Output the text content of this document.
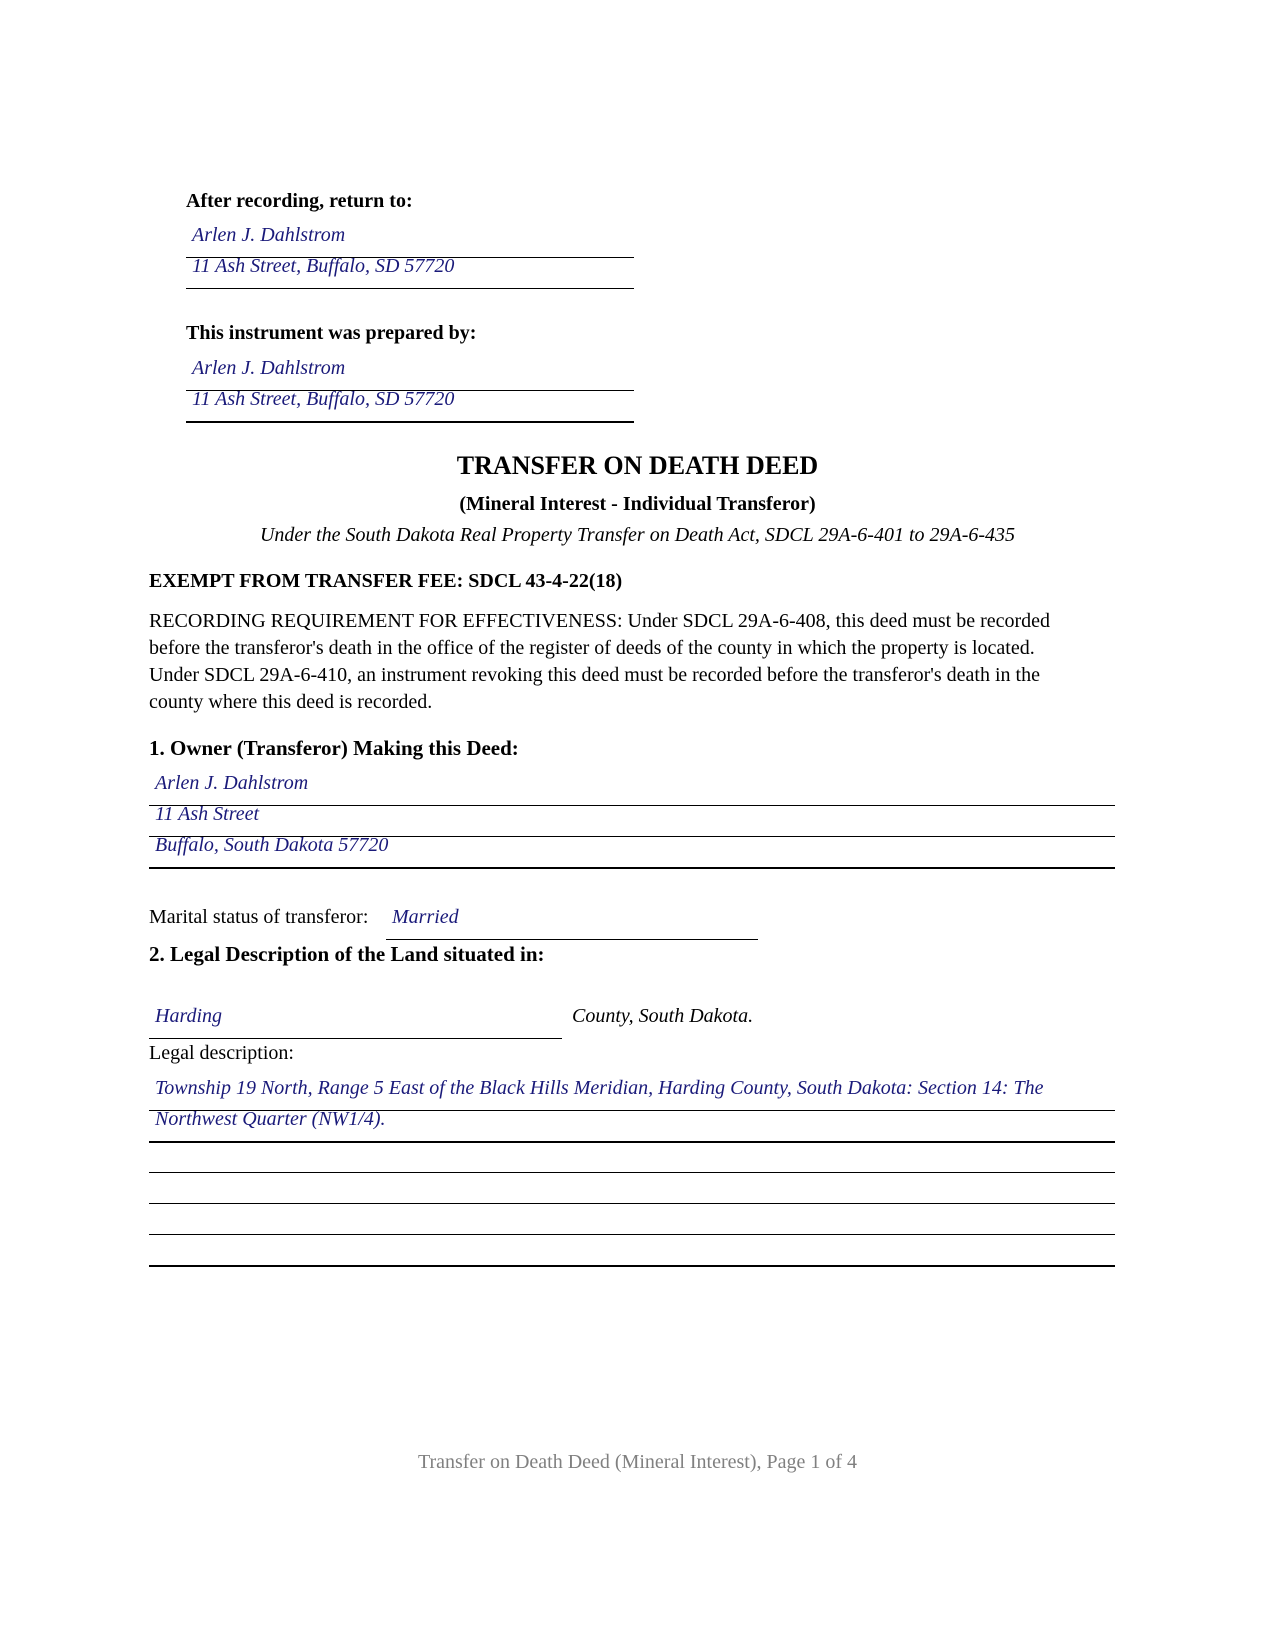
After recording, return to:
Arlen J. Dahlstrom
11 Ash Street, Buffalo, SD 57720
This instrument was prepared by:
Arlen J. Dahlstrom
11 Ash Street, Buffalo, SD 57720
TRANSFER ON DEATH DEED
(Mineral Interest - Individual Transferor)
Under the South Dakota Real Property Transfer on Death Act, SDCL 29A-6-401 to 29A-6-435
EXEMPT FROM TRANSFER FEE: SDCL 43-4-22(18)
RECORDING REQUIREMENT FOR EFFECTIVENESS: Under SDCL 29A-6-408, this deed must be recorded
before the transferor's death in the office of the register of deeds of the county in which the property is located.
Under SDCL 29A-6-410, an instrument revoking this deed must be recorded before the transferor's death in the
county where this deed is recorded.
1. Owner (Transferor) Making this Deed:
Arlen J. Dahlstrom
11 Ash Street
Buffalo, South Dakota 57720
Marital status of transferor: Married
2. Legal Description of the Land situated in:
Harding	County, South Dakota.
Legal description:
Township 19 North, Range 5 East of the Black Hills Meridian, Harding County, South Dakota: Section 14: The
Northwest Quarter (NW1/4).
Transfer on Death Deed (Mineral Interest), Page 1 of 4
